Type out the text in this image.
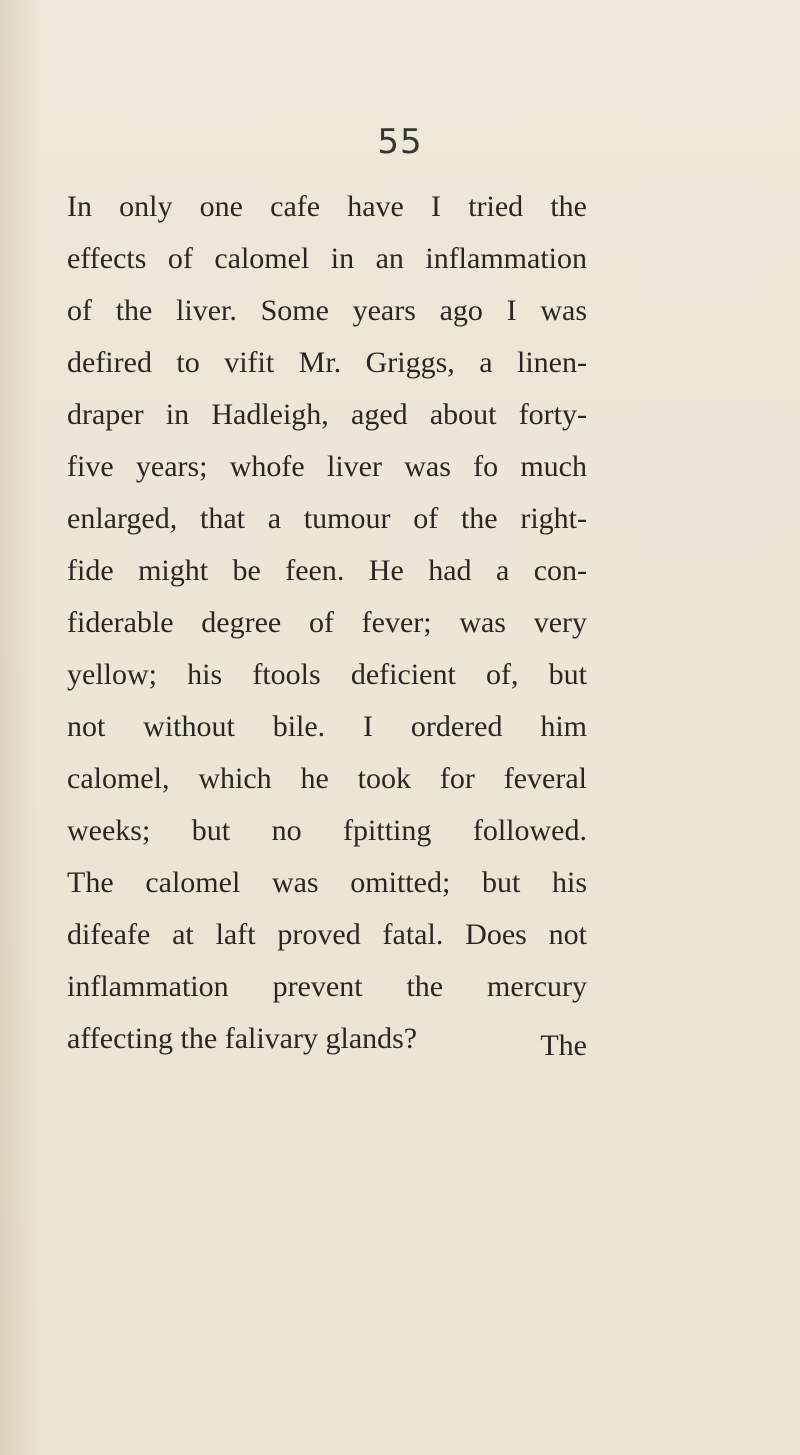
55
In only one cafe have I tried the
effects of calomel in an inflammation
of the liver. Some years ago I was
defired to vifit Mr. Griggs, a linen-
draper in Hadleigh, aged about forty-
five years; whofe liver was fo much
enlarged, that a tumour of the right-
fide might be feen. He had a con-
fiderable degree of fever; was very
yellow; his ftools deficient of, but
not without bile. I ordered him
calomel, which he took for feveral
weeks; but no fpitting followed.
The calomel was omitted; but his
difeafe at laft proved fatal. Does not
inflammation prevent the mercury
affecting the falivary glands?	The
